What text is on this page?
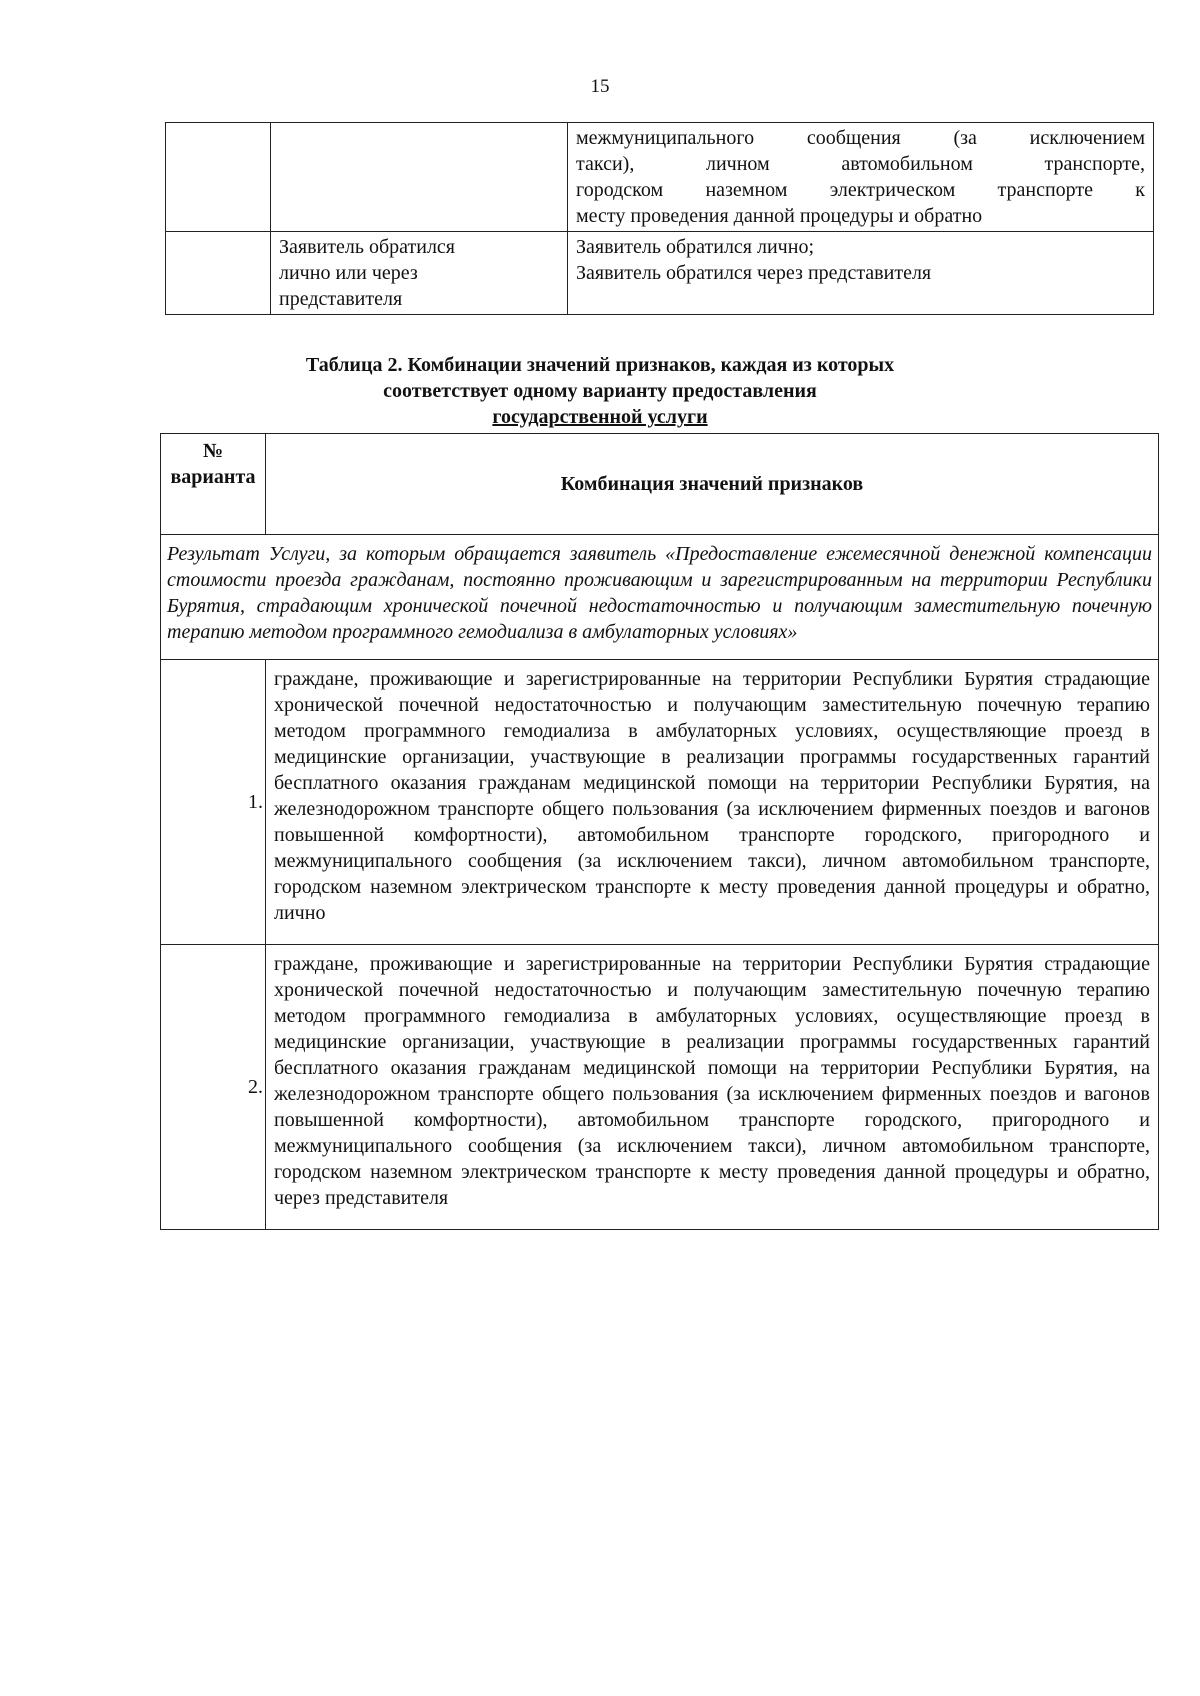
15

		межмуниципального сообщения (за исключением
такси), личном автомобильном транспорте,
городском наземном электрическом транспорте к
месту проведения данной процедуры и обратно

	Заявитель обратился лично или через представителя	Заявитель обратился лично;
Заявитель обратился через представителя
Таблица 2. Комбинации значений признаков, каждая из которых
соответствует одному варианту предоставления
государственной услуги
№ варианта	Комбинация значений признаков
Результат Услуги, за которым обращается заявитель «Предоставление ежемесячной денежной компенсации стоимости проезда гражданам, постоянно проживающим и зарегистрированным на территории Республики Бурятия, страдающим хронической почечной недостаточностью и получающим заместительную почечную терапию методом программного гемодиализа в амбулаторных условиях»	
1.	граждане, проживающие и зарегистрированные на территории Республики Бурятия страдающие хронической почечной недостаточностью и получающим заместительную почечную терапию методом программного гемодиализа в амбулаторных условиях, осуществляющие проезд в медицинские организации, участвующие в реализации программы государственных гарантий бесплатного оказания гражданам медицинской помощи на территории Республики Бурятия, на железнодорожном транспорте общего пользования (за исключением фирменных поездов и вагонов повышенной комфортности), автомобильном транспорте городского, пригородного и межмуниципального сообщения (за исключением такси), личном автомобильном транспорте, городском наземном электрическом транспорте к месту проведения данной процедуры и обратно, лично
2.	граждане, проживающие и зарегистрированные на территории Республики Бурятия страдающие хронической почечной недостаточностью и получающим заместительную почечную терапию методом программного гемодиализа в амбулаторных условиях, осуществляющие проезд в медицинские организации, участвующие в реализации программы государственных гарантий бесплатного оказания гражданам медицинской помощи на территории Республики Бурятия, на железнодорожном транспорте общего пользования (за исключением фирменных поездов и вагонов повышенной комфортности), автомобильном транспорте городского, пригородного и межмуниципального сообщения (за исключением такси), личном автомобильном транспорте, городском наземном электрическом транспорте к месту проведения данной процедуры и обратно, через представителя
